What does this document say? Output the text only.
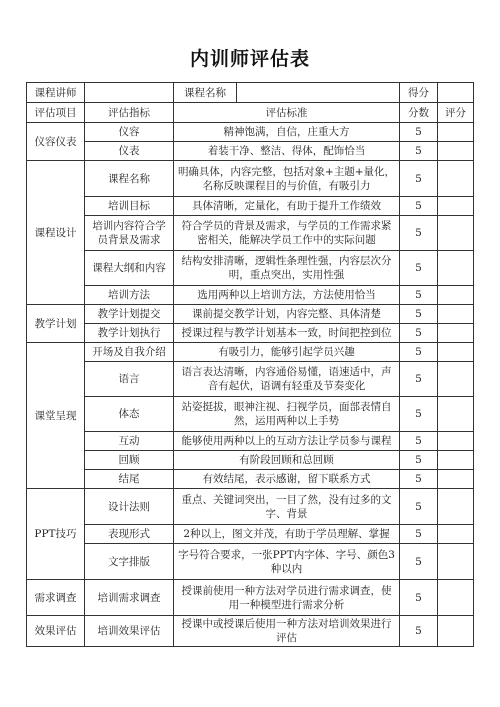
内训师评估表
课程讲师		课程名称		得分	
评估项目	评估指标	评估标准		分数	评分
仪容仪表	仪容	精神饱满，自信，庄重大方		5	
	仪表	着装干净、整洁、得体，配饰恰当		5	
课程设计	课程名称	明确具体，内容完整，包括对象+主题+量化，名称反映课程目的与价值，有吸引力		5	
	培训目标	具体清晰，定量化，有助于提升工作绩效		5	
	培训内容符合学员背景及需求	符合学员的背景及需求，与学员的工作需求紧密相关，能解决学员工作中的实际问题		5	
	课程大纲和内容	结构安排清晰，逻辑性条理性强，内容层次分明，重点突出，实用性强		5	
	培训方法	选用两种以上培训方法，方法使用恰当		5	
教学计划	教学计划提交	课前提交教学计划，内容完整、具体清楚		5	
	教学计划执行	授课过程与教学计划基本一致，时间把控到位		5	
课堂呈现	开场及自我介绍	有吸引力，能够引起学员兴趣		5	
	语言	语言表达清晰，内容通俗易懂，语速适中，声音有起伏，语调有轻重及节奏变化		5	
	体态	站姿挺拔，眼神注视、扫视学员，面部表情自然，运用两种以上手势		5	
	互动	能够使用两种以上的互动方法让学员参与课程		5	
	回顾	有阶段回顾和总回顾		5	
	结尾	有效结尾，表示感谢，留下联系方式		5	
PPT技巧	设计法则	重点、关键词突出，一目了然，没有过多的文字、背景		5	
	表现形式	2种以上，图文并茂，有助于学员理解、掌握		5	
	文字排版	字号符合要求，一张PPT内字体、字号、颜色3种以内		5	
需求调查	培训需求调查	授课前使用一种方法对学员进行需求调查，使用一种模型进行需求分析		5	
效果评估	培训效果评估	授课中或授课后使用一种方法对培训效果进行评估		5	
